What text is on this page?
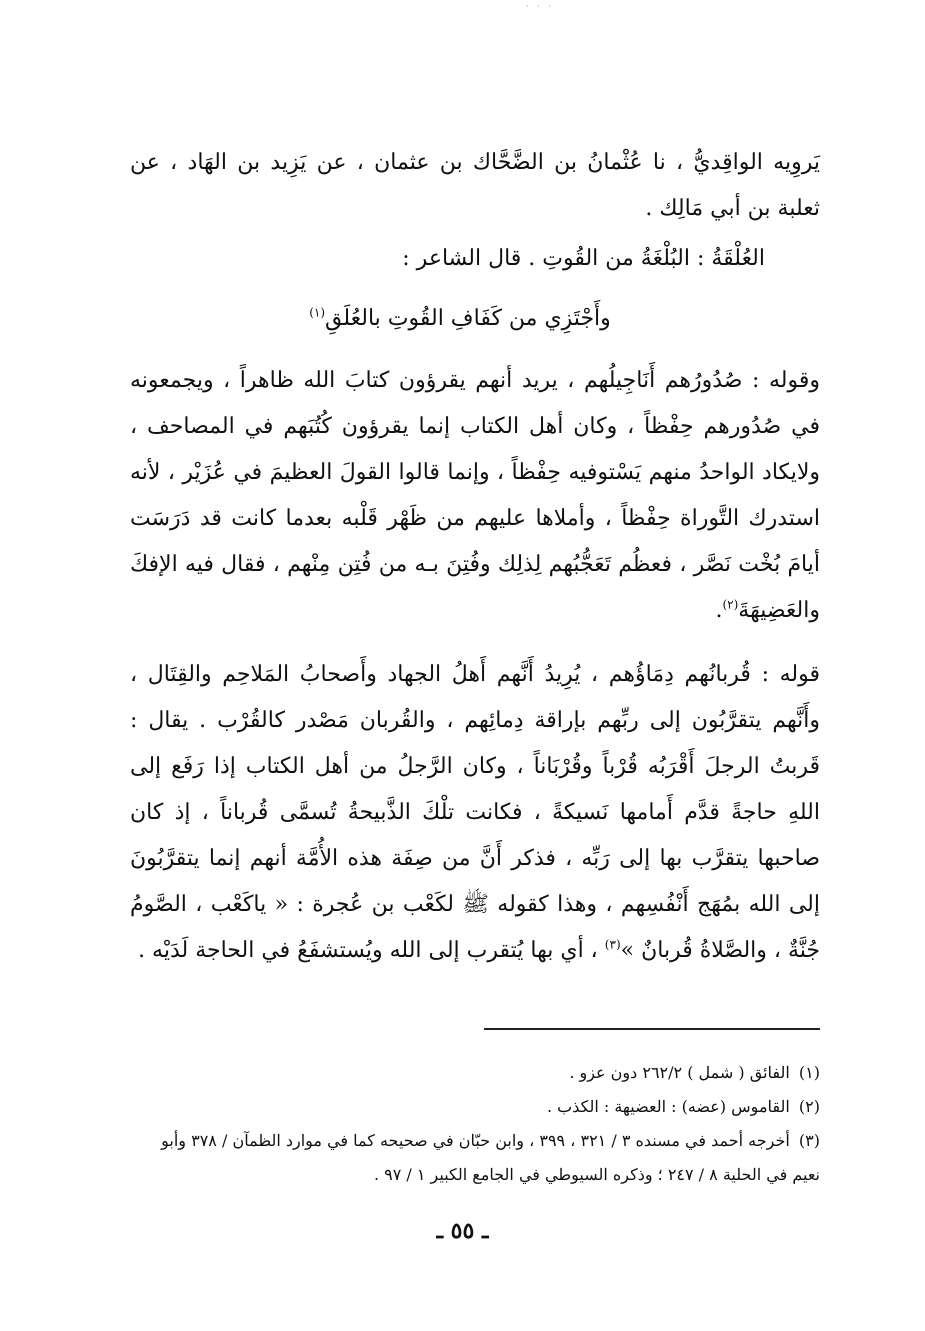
· · ·
يَروِيه الواقِديُّ ، نا عُثْمانُ بن الضَّحَّاك بن عثمان ، عن يَزِيد بن الهَاد ، عن ثعلبة بن أبي مَالِك .
العُلْقَةُ : البُلْغَةُ من القُوتِ . قال الشاعر :
وأَجْتَزِي من كَفَافِ القُوتِ بالعُلَقِ$^{(١)}$
وقوله : صُدُورُهم أَنَاجِيلُهم ، يريد أنهم يقرؤون كتابَ الله ظاهراً ، ويجمعونه في صُدُورهم حِفْظاً ، وكان أهل الكتاب إنما يقرؤون كُتُبَهم في المصاحف ، ولايكاد الواحدُ منهم يَسْتوفيه حِفْظاً ، وإنما قالوا القولَ العظيمَ في عُزَيْر ، لأنه استدرك التَّوراة حِفْظاً ، وأملاها عليهم من ظَهْر قَلْبه بعدما كانت قد دَرَسَت أيامَ بُخْت نَصَّر ، فعظُم تَعَجُّبُهم لِذلِك وفُتِنَ بـه من فُتِن مِنْهم ، فقال فيه الإفكَ والعَضِيهَةَ$^{(٢)}$.
قوله : قُربانُهم دِمَاؤُهم ، يُرِيدُ أَنَّهم أَهلُ الجهاد وأَصحابُ المَلاحِم والقِتَال ، وأَنَّهم يتقرَّبُون إلى ربِّهم بإراقة دِمائِهم ، والقُربان مَصْدر كالقُرْب . يقال : قَربتُ الرجلَ أَقْرَبُه قُرْباً وقُرْبَاناً ، وكان الرَّجلُ من أهل الكتاب إذا رَفَع إلى اللهِ حاجةً قدَّم أَمامها نَسيكةً ، فكانت تلْكَ الذَّبيحةُ تُسمَّى قُرباناً ، إذ كان صاحبها يتقرَّب بها إلى رَبِّه ، فذكر أَنَّ من صِفَة هذه الأُمَّة أنهم إنما يتقرَّبُونَ إلى الله بمُهَج أَنْفُسِهم ، وهذا كقوله ﷺ لكَعْب بن عُجرة : « ياكَعْب ، الصَّومُ جُنَّةٌ ، والصَّلاةُ قُربانٌ »$^{(٣)}$ ، أي بها يُتقرب إلى الله ويُستشفَعُ في الحاجة لَدَيْه .

(١) الفائق ( شمل ) ٢٦٢/٢ دون عزو .

(٢) القاموس (عضه) : العضيهة : الكذب .

(٣) أخرجه أحمد في مسنده ٣ / ٣٢١ ، ٣٩٩ ، وابن حبّان في صحيحه كما في موارد الظمآن / ٣٧٨ وأبو نعيم في الحلية ٨ / ٢٤٧ ؛ وذكره السيوطي في الجامع الكبير ١ / ٩٧ .

ـ ٥٥ ـ
